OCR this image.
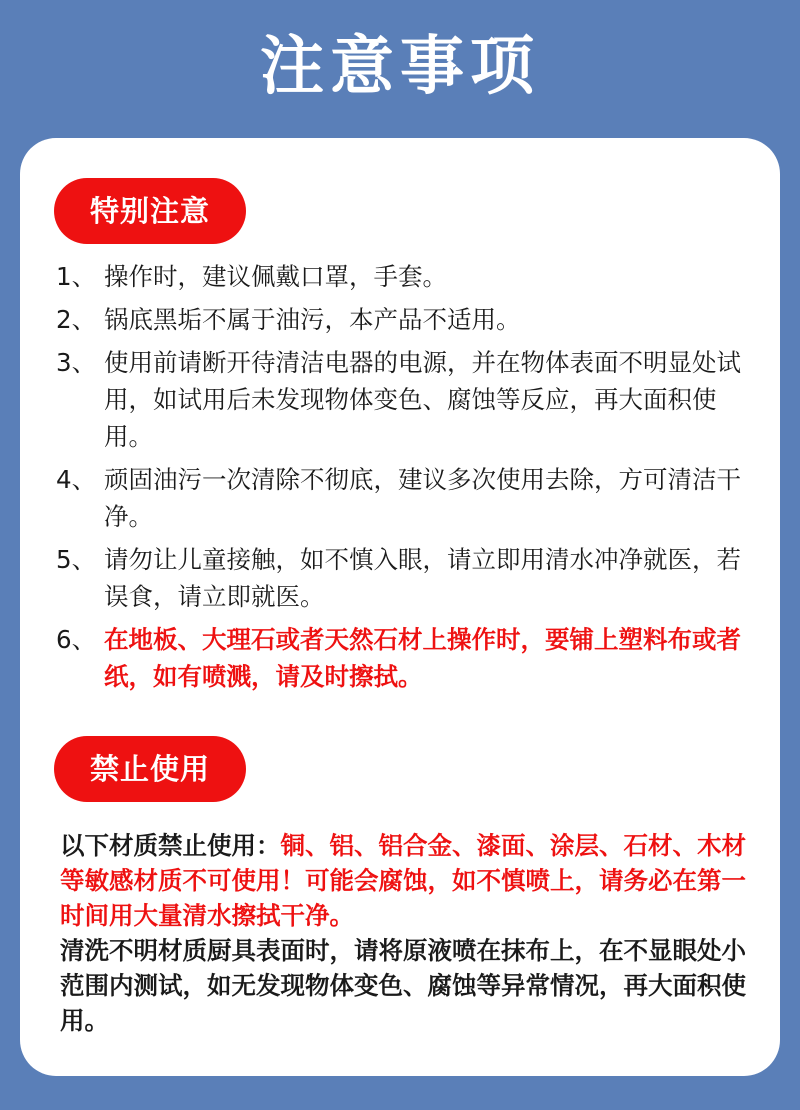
注意事项
特别注意
1、 操作时，建议佩戴口罩，手套。
2、 锅底黑垢不属于油污，本产品不适用。
3、 使用前请断开待清洁电器的电源，并在物体表面不明显处试用，如试用后未发现物体变色、腐蚀等反应，再大面积使用。
4、 顽固油污一次清除不彻底，建议多次使用去除，方可清洁干净。
5、 请勿让儿童接触，如不慎入眼，请立即用清水冲净就医，若误食，请立即就医。
6、 在地板、大理石或者天然石材上操作时，要铺上塑料布或者纸，如有喷溅，请及时擦拭。
禁止使用

以下材质禁止使用：铜、铝、铝合金、漆面、涂层、石材、木材等敏感材质不可使用！可能会腐蚀，如不慎喷上，请务必在第一时间用大量清水擦拭干净。

清洗不明材质厨具表面时，请将原液喷在抹布上，在不显眼处小范围内测试，如无发现物体变色、腐蚀等异常情况，再大面积使用。
